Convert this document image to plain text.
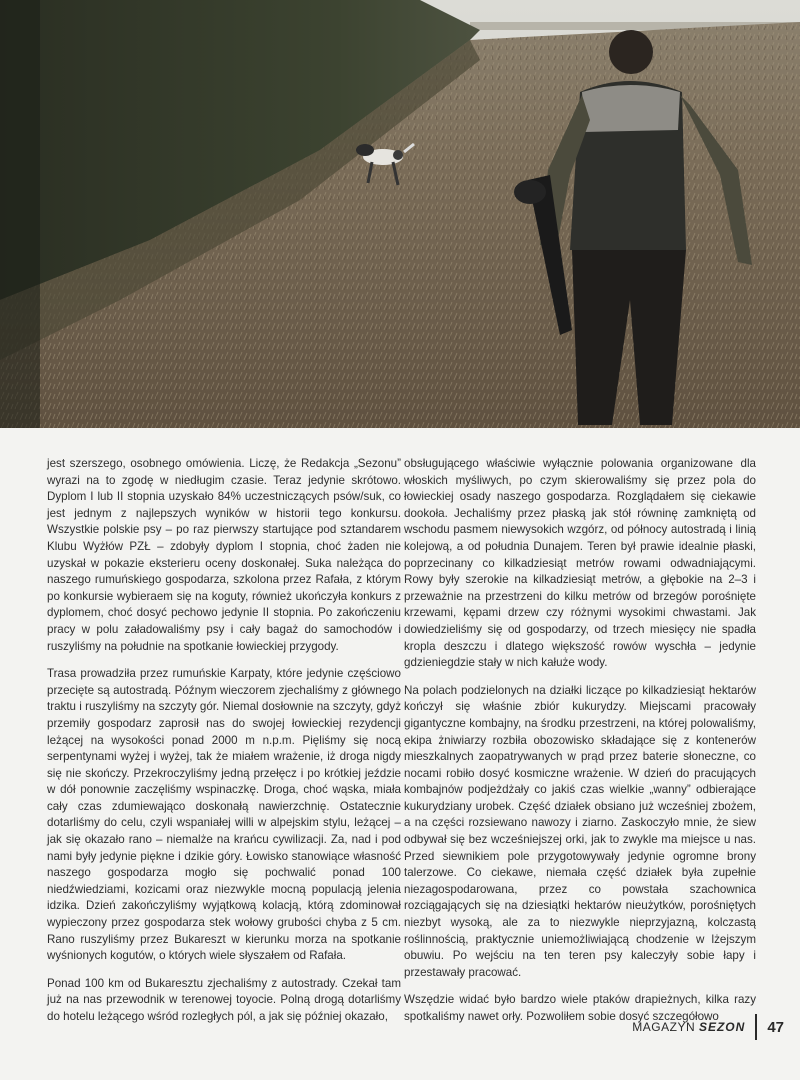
jest szerszego, osobnego omówienia. Liczę, że Redakcja „Sezonu” wyrazi na to zgodę w niedługim czasie. Teraz jedynie skrótowo. Dyplom I lub II stopnia uzyskało 84% uczestniczących psów/suk, co jest jednym z najlepszych wyników w historii tego konkursu. Wszystkie polskie psy – po raz pierwszy startujące pod sztandarem Klubu Wyżłów PZŁ – zdobyły dyplom I stopnia, choć żaden nie uzyskał w pokazie eksterieru oceny doskonałej. Suka należąca do naszego rumuńskiego gospodarza, szkolona przez Rafała, z którym po konkursie wybieraem się na koguty, również ukończyła konkurs z dyplomem, choć dosyć pechowo jedynie II stopnia. Po zakończeniu pracy w polu załadowaliśmy psy i cały bagaż do samochodów i ruszyliśmy na południe na spotkanie łowieckiej przygody.

Trasa prowadziła przez rumuńskie Karpaty, które jedynie częściowo przecięte są autostradą. Późnym wieczorem zjechaliśmy z głównego traktu i ruszyliśmy na szczyty gór. Niemal dosłownie na szczyty, gdyż przemiły gospodarz zaprosił nas do swojej łowieckiej rezydencji leżącej na wysokości ponad 2000 m n.p.m. Pięliśmy się nocą serpentynami wyżej i wyżej, tak że miałem wrażenie, iż droga nigdy się nie skończy. Przekroczyliśmy jedną przełęcz i po krótkiej jeździe w dół ponownie zaczęliśmy wspinaczkę. Droga, choć wąska, miała cały czas zdumiewająco doskonałą nawierzchnię. Ostatecznie dotarliśmy do celu, czyli wspaniałej willi w alpejskim stylu, leżącej – jak się okazało rano – niemalże na krańcu cywilizacji. Za, nad i pod nami były jedynie piękne i dzikie góry. Łowisko stanowiące własność naszego gospodarza mogło się pochwalić ponad 100 niedźwiedziami, kozicami oraz niezwykle mocną populacją jelenia idzika. Dzień zakończyliśmy wyjątkową kolacją, którą zdominował wypieczony przez gospodarza stek wołowy grubości chyba z 5 cm. Rano ruszyliśmy przez Bukareszt w kierunku morza na spotkanie wyśnionych kogutów, o których wiele słyszałem od Rafała.

Ponad 100 km od Bukaresztu zjechaliśmy z autostrady. Czekał tam już na nas przewodnik w terenowej toyocie. Polną drogą dotarliśmy do hotelu leżącego wśród rozległych pól, a jak się później okazało,

obsługującego właściwie wyłącznie polowania organizowane dla włoskich myśliwych, po czym skierowaliśmy się przez pola do łowieckiej osady naszego gospodarza. Rozglądałem się ciekawie dookoła. Jechaliśmy przez płaską jak stół równinę zamkniętą od wschodu pasmem niewysokich wzgórz, od północy autostradą i linią kolejową, a od południa Dunajem. Teren był prawie idealnie płaski, poprzecinany co kilkadziesiąt metrów rowami odwadniającymi. Rowy były szerokie na kilkadziesiąt metrów, a głębokie na 2–3 i przeważnie na przestrzeni do kilku metrów od brzegów porośnięte krzewami, kępami drzew czy różnymi wysokimi chwastami. Jak dowiedzieliśmy się od gospodarzy, od trzech miesięcy nie spadła kropla deszczu i dlatego większość rowów wyschła – jedynie gdzieniegdzie stały w nich kałuże wody.

Na polach podzielonych na działki liczące po kilkadziesiąt hektarów kończył się właśnie zbiór kukurydzy. Miejscami pracowały gigantyczne kombajny, na środku przestrzeni, na której polowaliśmy, ekipa żniwiarzy rozbiła obozowisko składające się z kontenerów mieszkalnych zaopatrywanych w prąd przez baterie słoneczne, co nocami robiło dosyć kosmiczne wrażenie. W dzień do pracujących kombajnów podjeżdżały co jakiś czas wielkie „wanny” odbierające kukurydziany urobek. Część działek obsiano już wcześniej zbożem, a na części rozsiewano nawozy i ziarno. Zaskoczyło mnie, że siew odbywał się bez wcześniejszej orki, jak to zwykle ma miejsce u nas. Przed siewnikiem pole przygotowywały jedynie ogromne brony talerzowe. Co ciekawe, niemała część działek była zupełnie niezagospodarowana, przez co powstała szachownica rozciągających się na dziesiątki hektarów nieużytków, porośniętych niezbyt wysoką, ale za to niezwykle nieprzyjazną, kolczastą roślinnością, praktycznie uniemożliwiającą chodzenie w lżejszym obuwiu. Po wejściu na ten teren psy kaleczyły sobie łapy i przestawały pracować.

Wszędzie widać było bardzo wiele ptaków drapieżnych, kilka razy spotkaliśmy nawet orły. Pozwoliłem sobie dosyć szczegółowo

MAGAZYN SEZON 47
